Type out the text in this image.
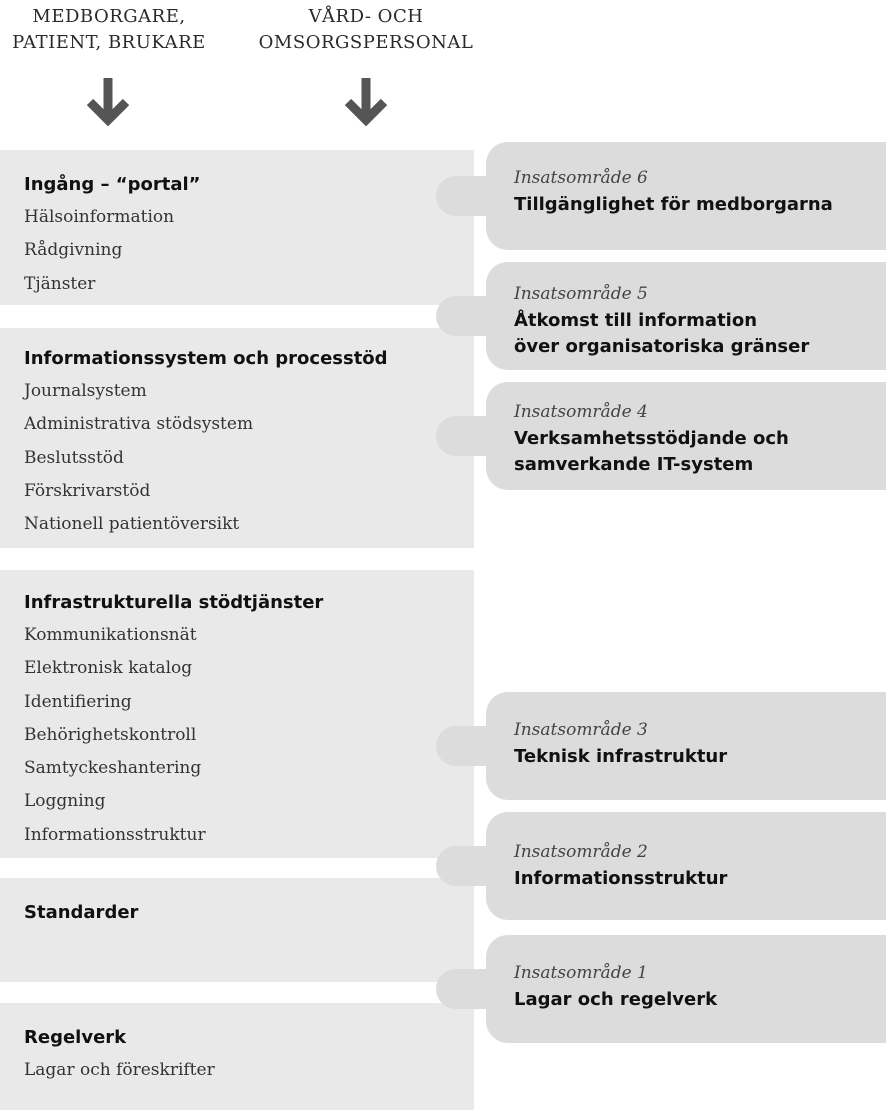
MEDBORGARE,
PATIENT, BRUKARE
VÅRD- OCH
OMSORGSPERSONAL

Ingång – “portal”

Hälsoinformation
Rådgivning
Tjänster

Informationssystem och processtöd

Journalsystem
Administrativa stödsystem
Beslutsstöd
Förskrivarstöd
Nationell patientöversikt

Infrastrukturella stödtjänster

Kommunikationsnät
Elektronisk katalog
Identifiering
Behörighetskontroll
Samtyckeshantering
Loggning
Informationsstruktur

Standarder

Regelverk

Lagar och föreskrifter

Insatsområde 6

Tillgänglighet för medborgarna

Insatsområde 5

Åtkomst till information
över organisatoriska gränser

Insatsområde 4

Verksamhetsstödjande och
samverkande IT-system

Insatsområde 3

Teknisk infrastruktur

Insatsområde 2

Informationsstruktur

Insatsområde 1

Lagar och regelverk
